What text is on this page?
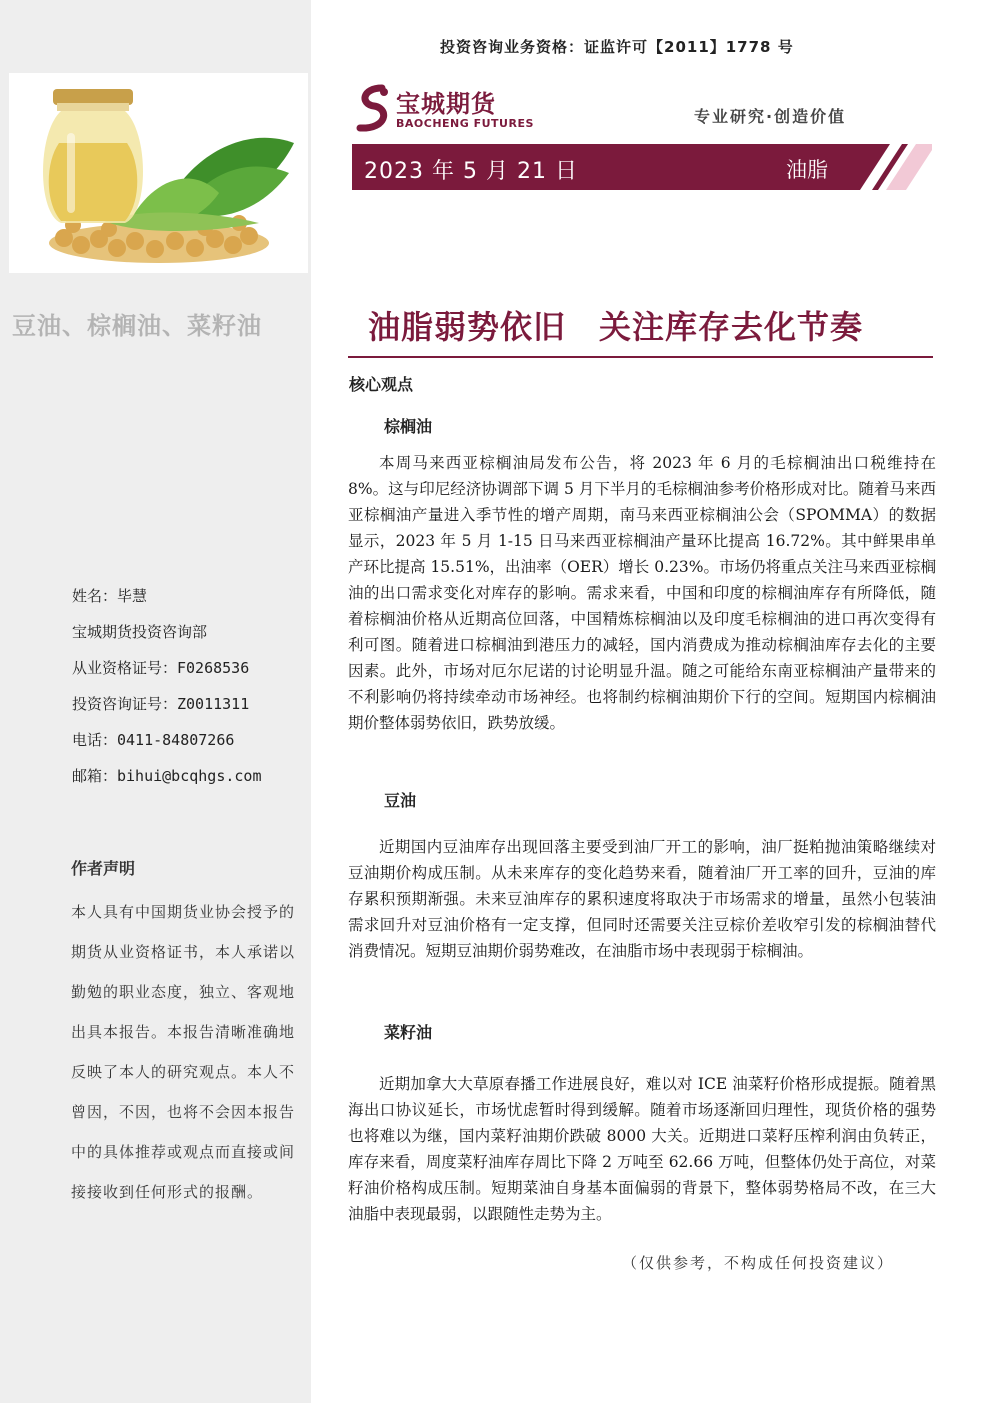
豆油、棕榈油、菜籽油
姓名：毕慧
宝城期货投资咨询部
从业资格证号：F0268536
投资咨询证号：Z0011311
电话：0411-84807266
邮箱：bihui@bcqhgs.com
作者声明
本人具有中国期货业协会授予的期货从业资格证书，本人承诺以勤勉的职业态度，独立、客观地出具本报告。本报告清晰准确地反映了本人的研究观点。本人不曾因，不因，也将不会因本报告中的具体推荐或观点而直接或间接接收到任何形式的报酬。
投资咨询业务资格：证监许可【2011】1778 号
宝城期货
BAOCHENG FUTURES	专业研究·创造价值
2023 年 5 月 21 日	油脂
油脂弱势依旧　关注库存去化节奏
核心观点
棕榈油

本周马来西亚棕榈油局发布公告，将 2023 年 6 月的毛棕榈油出口税维持在 8%。这与印尼经济协调部下调 5 月下半月的毛棕榈油参考价格形成对比。随着马来西亚棕榈油产量进入季节性的增产周期，南马来西亚棕榈油公会（SPOMMA）的数据显示，2023 年 5 月 1-15 日马来西亚棕榈油产量环比提高 16.72%。其中鲜果串单产环比提高 15.51%，出油率（OER）增长 0.23%。市场仍将重点关注马来西亚棕榈油的出口需求变化对库存的影响。需求来看，中国和印度的棕榈油库存有所降低，随着棕榈油价格从近期高位回落，中国精炼棕榈油以及印度毛棕榈油的进口再次变得有利可图。随着进口棕榈油到港压力的减轻，国内消费成为推动棕榈油库存去化的主要因素。此外，市场对厄尔尼诺的讨论明显升温。随之可能给东南亚棕榈油产量带来的不利影响仍将持续牵动市场神经。也将制约棕榈油期价下行的空间。短期国内棕榈油期价整体弱势依旧，跌势放缓。

豆油

近期国内豆油库存出现回落主要受到油厂开工的影响，油厂挺粕抛油策略继续对豆油期价构成压制。从未来库存的变化趋势来看，随着油厂开工率的回升，豆油的库存累积预期渐强。未来豆油库存的累积速度将取决于市场需求的增量，虽然小包装油需求回升对豆油价格有一定支撑，但同时还需要关注豆棕价差收窄引发的棕榈油替代消费情况。短期豆油期价弱势难改，在油脂市场中表现弱于棕榈油。

菜籽油

近期加拿大大草原春播工作进展良好，难以对 ICE 油菜籽价格形成提振。随着黑海出口协议延长，市场忧虑暂时得到缓解。随着市场逐渐回归理性，现货价格的强势也将难以为继，国内菜籽油期价跌破 8000 大关。近期进口菜籽压榨利润由负转正，库存来看，周度菜籽油库存周比下降 2 万吨至 62.66 万吨，但整体仍处于高位，对菜籽油价格构成压制。短期菜油自身基本面偏弱的背景下，整体弱势格局不改，在三大油脂中表现最弱，以跟随性走势为主。

（仅供参考，不构成任何投资建议）
